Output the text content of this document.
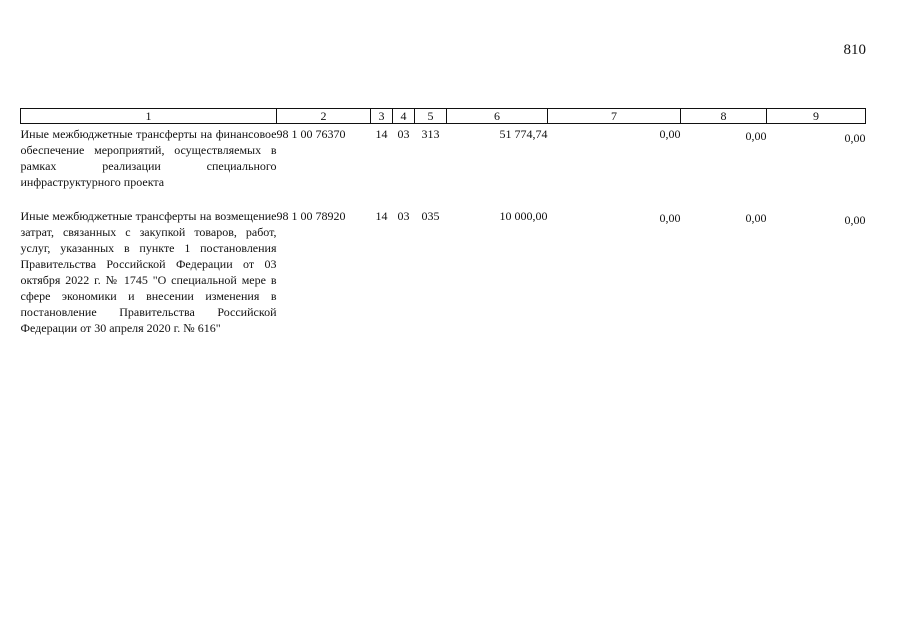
810
1	2	3	4	5	6	7	8	9
Иные межбюджетные трансферты на финансовое обеспечение мероприятий, осуществляемых в рамках реализации специального инфраструктурного проекта	98 1 00 76370	14	03	313	51 774,74	0,00	0,00	0,00
Иные межбюджетные трансферты на возмещение затрат, связанных с закупкой товаров, работ, услуг, указанных в пункте 1 постановления Правительства Российской Федерации от 03 октября 2022 г. № 1745 "О специальной мере в сфере экономики и внесении изменения в постановление Правительства Российской Федерации от 30 апреля 2020 г. № 616"	98 1 00 78920	14	03	035	10 000,00	0,00	0,00	0,00
